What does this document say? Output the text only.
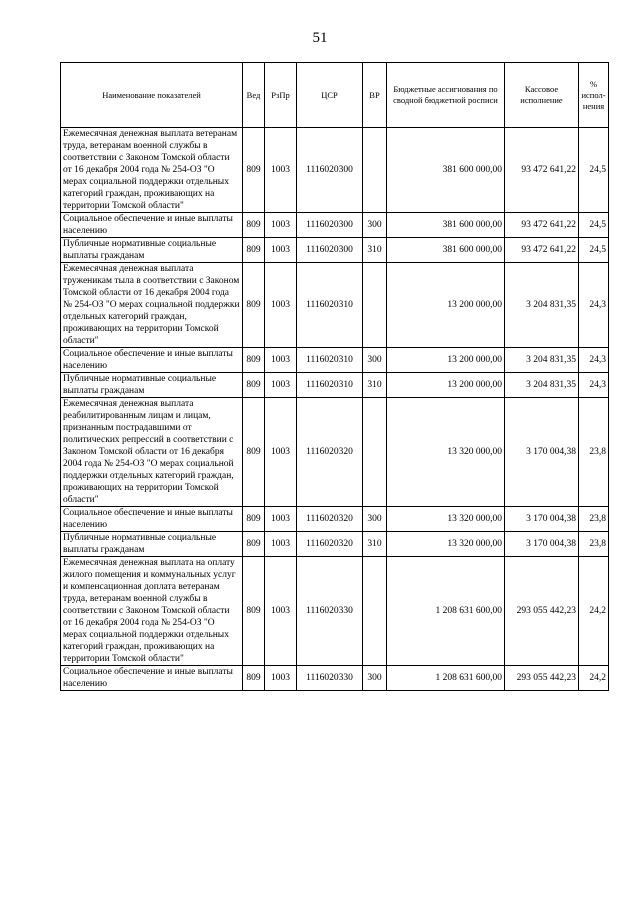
51
Наименование показателей	Вед	РзПр	ЦСР	ВР	Бюджетные ассигнования по сводной бюджетной росписи	Кассовое исполнение	% испол-нения
Ежемесячная денежная выплата ветеранам труда, ветеранам военной службы в соответствии с Законом Томской области от 16 декабря 2004 года № 254-ОЗ "О мерах социальной поддержки отдельных категорий граждан, проживающих на территории Томской области"	809	1003	1116020300		381 600 000,00	93 472 641,22	24,5
Социальное обеспечение и иные выплаты населению	809	1003	1116020300	300	381 600 000,00	93 472 641,22	24,5
Публичные нормативные социальные выплаты гражданам	809	1003	1116020300	310	381 600 000,00	93 472 641,22	24,5
Ежемесячная денежная выплата труженикам тыла в соответствии с Законом Томской области от 16 декабря 2004 года № 254-ОЗ "О мерах социальной поддержки отдельных категорий граждан, проживающих на территории Томской области"	809	1003	1116020310		13 200 000,00	3 204 831,35	24,3
Социальное обеспечение и иные выплаты населению	809	1003	1116020310	300	13 200 000,00	3 204 831,35	24,3
Публичные нормативные социальные выплаты гражданам	809	1003	1116020310	310	13 200 000,00	3 204 831,35	24,3
Ежемесячная денежная выплата реабилитированным лицам и лицам, признанным пострадавшими от политических репрессий в соответствии с Законом Томской области от 16 декабря 2004 года № 254-ОЗ "О мерах социальной поддержки отдельных категорий граждан, проживающих на территории Томской области"	809	1003	1116020320		13 320 000,00	3 170 004,38	23,8
Социальное обеспечение и иные выплаты населению	809	1003	1116020320	300	13 320 000,00	3 170 004,38	23,8
Публичные нормативные социальные выплаты гражданам	809	1003	1116020320	310	13 320 000,00	3 170 004,38	23,8
Ежемесячная денежная выплата на оплату жилого помещения и коммунальных услуг и компенсационная доплата ветеранам труда, ветеранам военной службы в соответствии с Законом Томской области от 16 декабря 2004 года № 254-ОЗ "О мерах социальной поддержки отдельных категорий граждан, проживающих на территории Томской области"	809	1003	1116020330		1 208 631 600,00	293 055 442,23	24,2
Социальное обеспечение и иные выплаты населению	809	1003	1116020330	300	1 208 631 600,00	293 055 442,23	24,2
